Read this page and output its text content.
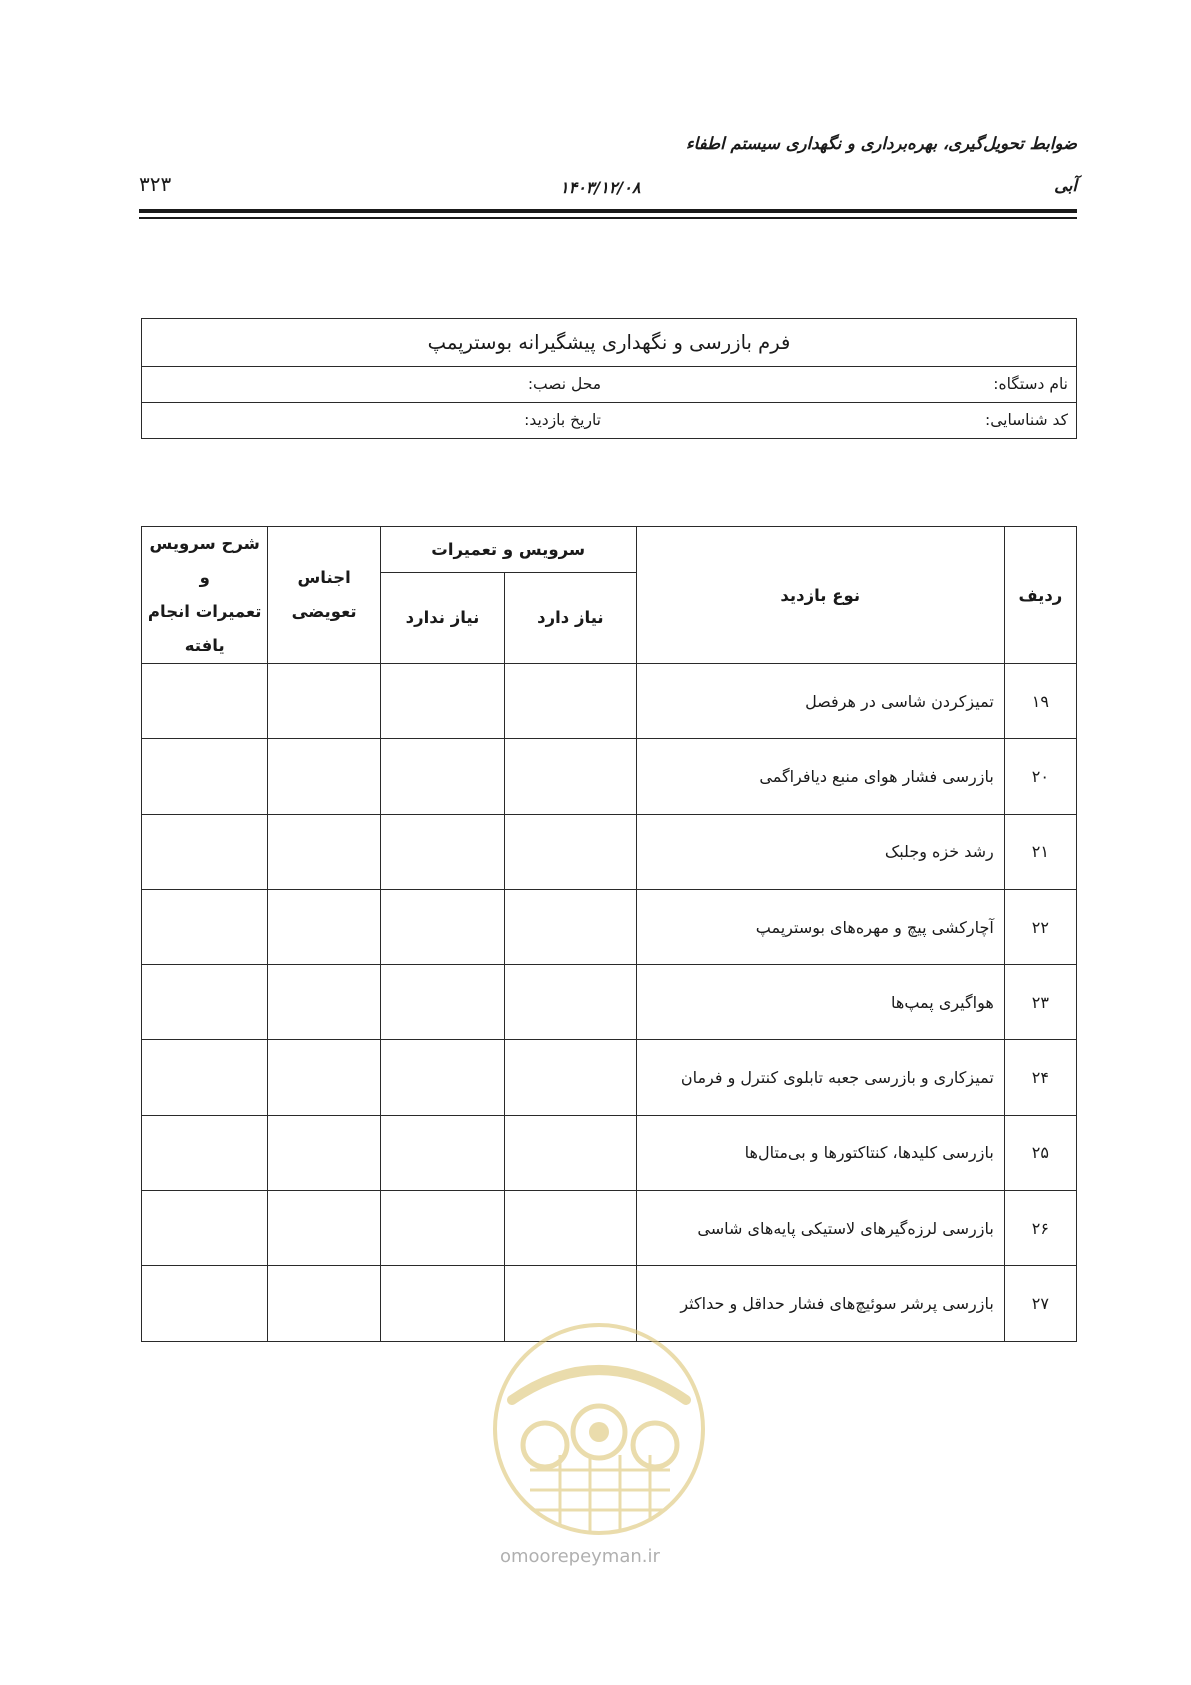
ضوابط تحویل‌گیری، بهره‌برداری و نگهداری سیستم اطفاء
آبی
۱۴۰۳/۱۲/۰۸
۳۲۳
فرم بازرسی و نگهداری پیشگیرانه بوسترپمپ

نام دستگاه:
محل نصب:

کد شناسایی:
تاریخ بازدید:
ردیف	نوع بازدید	سرویس و تعمیرات		اجناس تعویضی	شرح سرویس و
تعمیرات انجام
یافته

		نیاز دارد	نیاز ندارد		
۱۹	تمیزکردن شاسی در هرفصل				
۲۰	بازرسی فشار هوای منبع دیافراگمی				
۲۱	رشد خزه وجلبک				
۲۲	آچارکشی پیچ و مهره‌های بوسترپمپ				
۲۳	هواگیری پمپ‌ها				
۲۴	تمیزکاری و بازرسی جعبه تابلوی کنترل و فرمان				
۲۵	بازرسی کلیدها، کنتاکتورها و بی‌متال‌ها				
۲۶	بازرسی لرزه‌گیرهای لاستیکی پایه‌های شاسی				
۲۷	بازرسی پرشر سوئیچ‌های فشار حداقل و حداکثر				
omoorepeyman.ir
